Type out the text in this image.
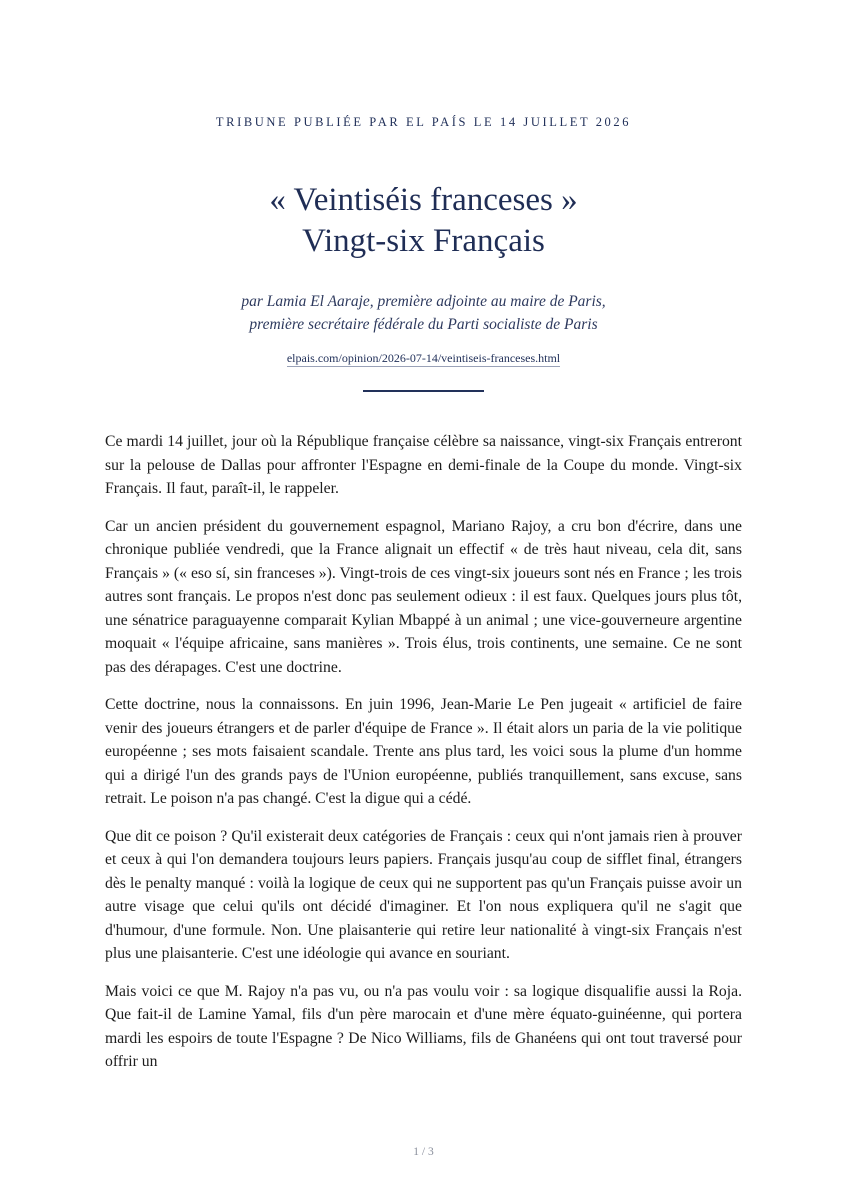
TRIBUNE PUBLIÉE PAR EL PAÍS LE 14 JUILLET 2026
« Veintiséis franceses »
Vingt-six Français
par Lamia El Aaraje, première adjointe au maire de Paris,
première secrétaire fédérale du Parti socialiste de Paris
elpais.com/opinion/2026-07-14/veintiseis-franceses.html

Ce mardi 14 juillet, jour où la République française célèbre sa naissance, vingt-six Français entreront sur la pelouse de Dallas pour affronter l'Espagne en demi-finale de la Coupe du monde. Vingt-six Français. Il faut, paraît-il, le rappeler.

Car un ancien président du gouvernement espagnol, Mariano Rajoy, a cru bon d'écrire, dans une chronique publiée vendredi, que la France alignait un effectif « de très haut niveau, cela dit, sans Français » (« eso sí, sin franceses »). Vingt-trois de ces vingt-six joueurs sont nés en France ; les trois autres sont français. Le propos n'est donc pas seulement odieux : il est faux. Quelques jours plus tôt, une sénatrice paraguayenne comparait Kylian Mbappé à un animal ; une vice-gouverneure argentine moquait « l'équipe africaine, sans manières ». Trois élus, trois continents, une semaine. Ce ne sont pas des dérapages. C'est une doctrine.

Cette doctrine, nous la connaissons. En juin 1996, Jean-Marie Le Pen jugeait « artificiel de faire venir des joueurs étrangers et de parler d'équipe de France ». Il était alors un paria de la vie politique européenne ; ses mots faisaient scandale. Trente ans plus tard, les voici sous la plume d'un homme qui a dirigé l'un des grands pays de l'Union européenne, publiés tranquillement, sans excuse, sans retrait. Le poison n'a pas changé. C'est la digue qui a cédé.

Que dit ce poison ? Qu'il existerait deux catégories de Français : ceux qui n'ont jamais rien à prouver et ceux à qui l'on demandera toujours leurs papiers. Français jusqu'au coup de sifflet final, étrangers dès le penalty manqué : voilà la logique de ceux qui ne supportent pas qu'un Français puisse avoir un autre visage que celui qu'ils ont décidé d'imaginer. Et l'on nous expliquera qu'il ne s'agit que d'humour, d'une formule. Non. Une plaisanterie qui retire leur nationalité à vingt-six Français n'est plus une plaisanterie. C'est une idéologie qui avance en souriant.

Mais voici ce que M. Rajoy n'a pas vu, ou n'a pas voulu voir : sa logique disqualifie aussi la Roja. Que fait-il de Lamine Yamal, fils d'un père marocain et d'une mère équato-guinéenne, qui portera mardi les espoirs de toute l'Espagne ? De Nico Williams, fils de Ghanéens qui ont tout traversé pour offrir un

1 / 3
